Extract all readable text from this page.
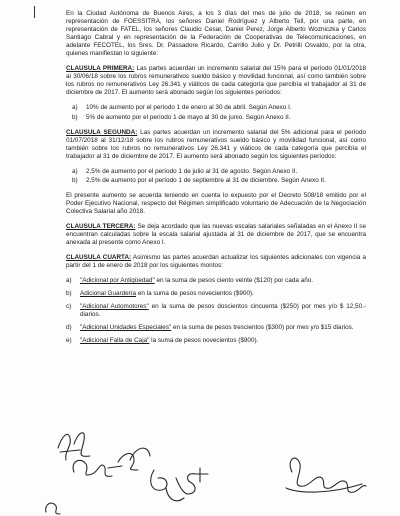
En la Ciudad Autónoma de Buenos Aires, a los 3 días del mes de julio de 2018, se reúnen en representación de FOESSITRA, los señores Daniel Rodríguez y Alberto Tell, por una parte, en representación de FATEL, los señores Claudio Cesar, Daniel Perez, Jorge Alberto Wozniczka y Carlos Santiago Cabral y en representación de la Federación de Cooperativas de Telecomunicaciones, en adelante FECOTEL, los Sres. Dr. Passadore Ricardo, Carrillo Julio y Dr. Petrilli Osvaldo, por la otra, quienes manifiestan lo siguiente:

CLAUSULA PRIMERA: Las partes acuerdan un incremento salarial del 15% para el período 01/01/2018 al 30/06/18 sobre los rubros remunerativos sueldo básico y movilidad funcional, así como también sobre los rubros no remunerativos Ley 26.341 y viáticos de cada categoría que percibía el trabajador al 31 de diciembre de 2017. El aumento será abonado según los siguientes períodos:

a)	10% de aumento por el período 1 de enero al 30 de abril. Según Anexo I.
b)	5% de aumento por el período 1 de mayo al 30 de junio. Según Anexo II.

CLAUSULA SEGUNDA: Las partes acuerdan un incremento salarial del 5% adicional para el período 01/07/2018 al 31/12/18 sobre los rubros remunerativos sueldo básico y movilidad funcional, así como también sobre los rubros no remunerativos Ley 26.341 y viáticos de cada categoría que percibía el trabajador al 31 de diciembre de 2017. El aumento será abonado según los siguientes períodos:

a)	2,5% de aumento por el período 1 de julio al 31 de agosto. Según Anexo II.
b)	2,5% de aumento por el período 1 de septiembre al 31 de diciembre. Según Anexo II.

El presente aumento se acuerda teniendo en cuenta lo expuesto por el Decreto 508/18 emitido por el Poder Ejecutivo Nacional, respecto del Régimen simplificado voluntario de Adecuación de la Negociación Colectiva Salarial año 2018.

CLAUSULA TERCERA: Se deja acordado que las nuevas escalas salariales señaladas en el Anexo II se encuentran calculadas sobre la escala salarial ajustada al 31 de diciembre de 2017, que se encuentra anexada al presente como Anexo I.

CLAUSULA CUARTA: Asimismo las partes acuerdan actualizar los siguientes adicionales con vigencia a partir del 1 de enero de 2018 por los siguientes montos:

a)	"Adicional por Antigüedad" en la suma de pesos ciento veinte ($120) por cada año.
b)	Adicional Guardería en la suma de pesos novecientos ($900).
c)	"Adicional Automotores" en la suma de pesos doscientos cincuenta ($250) por mes y/o $ 12,50.- diarios.
d)	"Adicional Unidades Especiales" en la suma de pesos trescientos ($300) por mes y/o $15 diarios.
e)	"Adicional Falla de Caja" la suma de pesos novecientos ($900).
